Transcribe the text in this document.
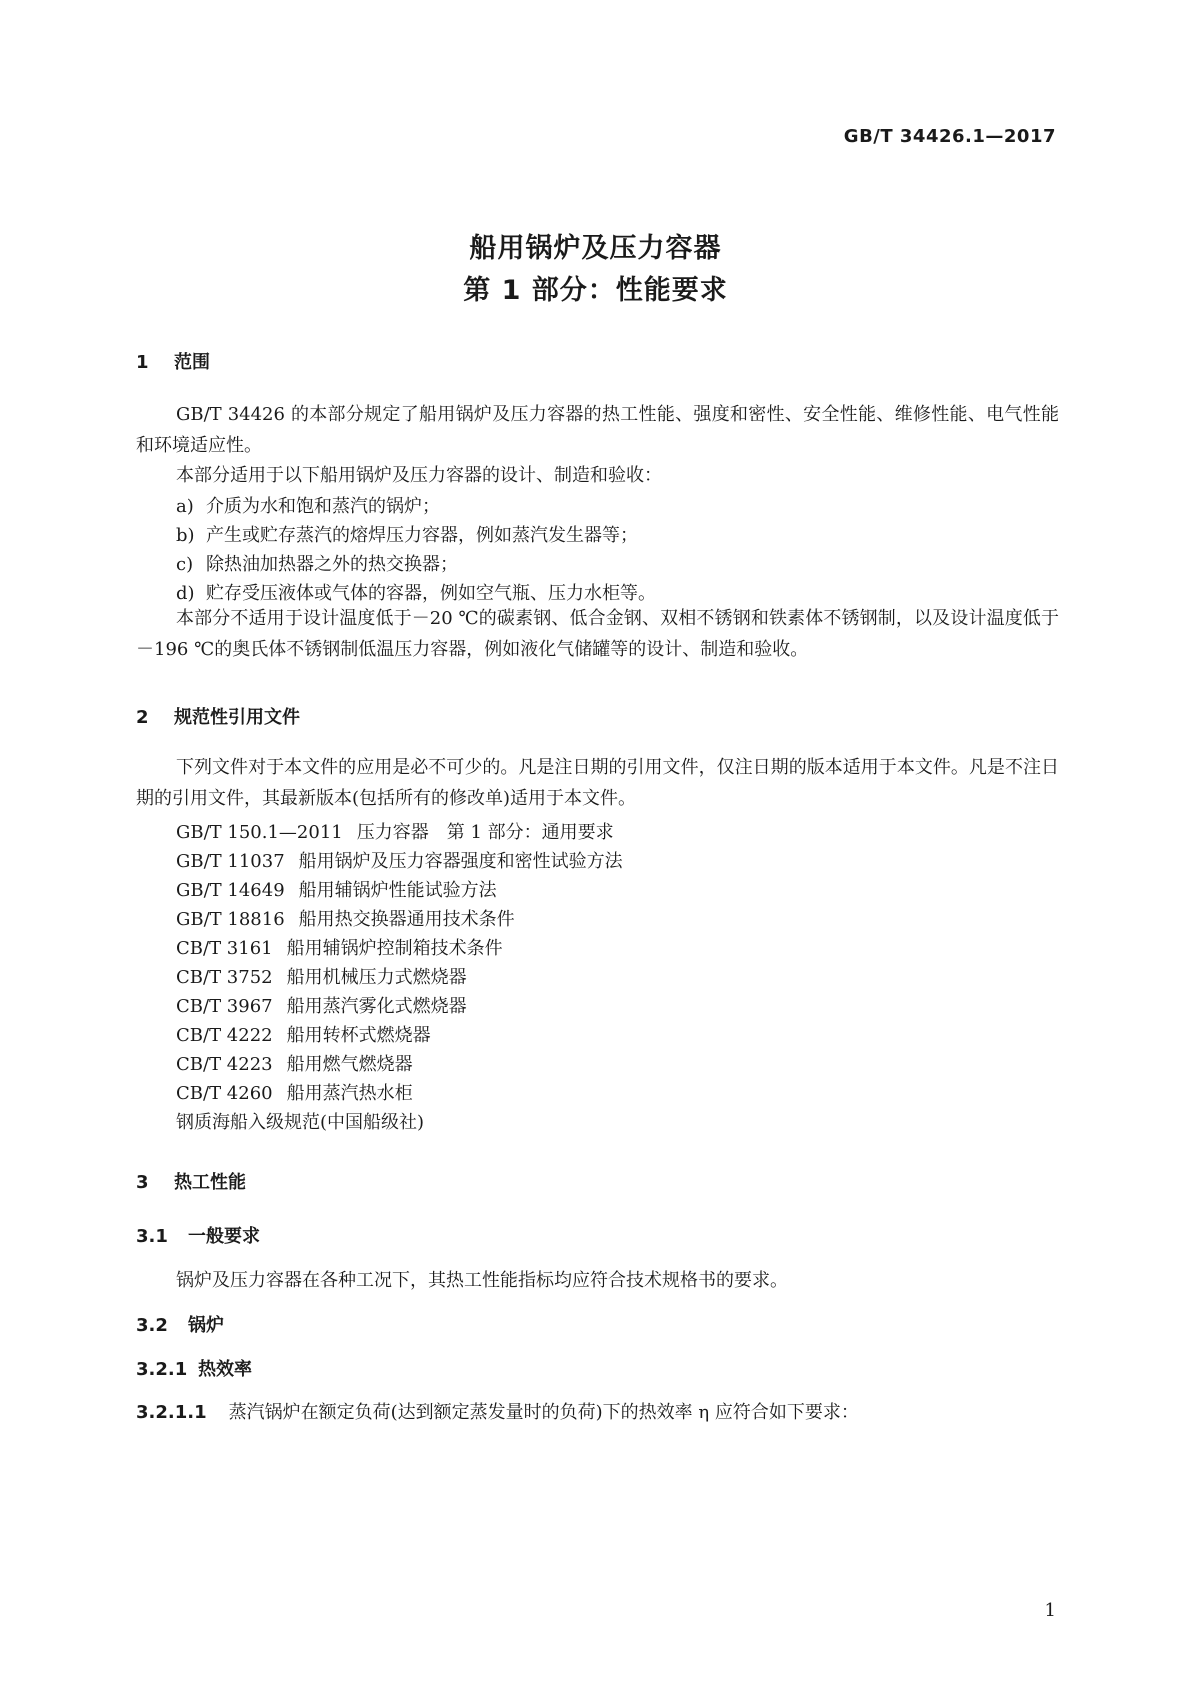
GB/T 34426.1—2017
船用锅炉及压力容器
第 1 部分：性能要求
1 范围
GB/T 34426 的本部分规定了船用锅炉及压力容器的热工性能、强度和密性、安全性能、维修性能、电气性能和环境适应性。
本部分适用于以下船用锅炉及压力容器的设计、制造和验收：
a) 介质为水和饱和蒸汽的锅炉；
b) 产生或贮存蒸汽的熔焊压力容器，例如蒸汽发生器等；
c) 除热油加热器之外的热交换器；
d) 贮存受压液体或气体的容器，例如空气瓶、压力水柜等。
本部分不适用于设计温度低于－20 ℃的碳素钢、低合金钢、双相不锈钢和铁素体不锈钢制，以及设计温度低于－196 ℃的奥氏体不锈钢制低温压力容器，例如液化气储罐等的设计、制造和验收。
2 规范性引用文件
下列文件对于本文件的应用是必不可少的。凡是注日期的引用文件，仅注日期的版本适用于本文件。凡是不注日期的引用文件，其最新版本(包括所有的修改单)适用于本文件。
GB/T 150.1—2011 压力容器　第 1 部分：通用要求
GB/T 11037 船用锅炉及压力容器强度和密性试验方法
GB/T 14649 船用辅锅炉性能试验方法
GB/T 18816 船用热交换器通用技术条件
CB/T 3161 船用辅锅炉控制箱技术条件
CB/T 3752 船用机械压力式燃烧器
CB/T 3967 船用蒸汽雾化式燃烧器
CB/T 4222 船用转杯式燃烧器
CB/T 4223 船用燃气燃烧器
CB/T 4260 船用蒸汽热水柜
钢质海船入级规范(中国船级社)
3 热工性能
3.1 一般要求
锅炉及压力容器在各种工况下，其热工性能指标均应符合技术规格书的要求。
3.2 锅炉
3.2.1 热效率
3.2.1.1 蒸汽锅炉在额定负荷(达到额定蒸发量时的负荷)下的热效率 η 应符合如下要求：
1
